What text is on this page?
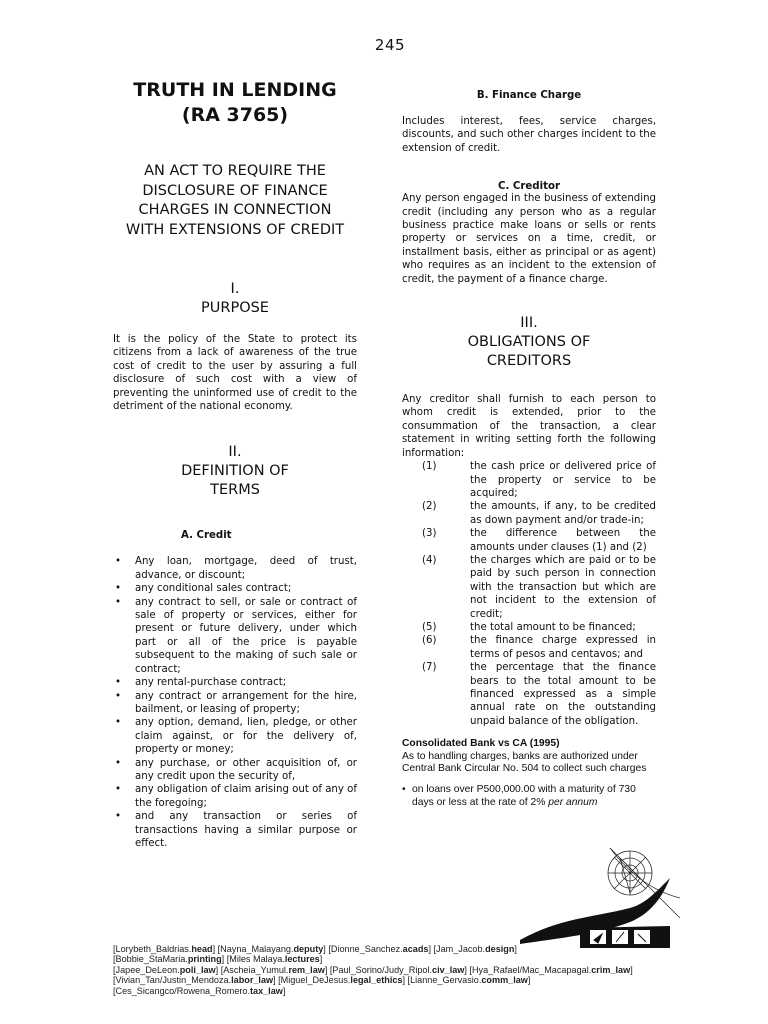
245

TRUTH IN LENDING
(RA 3765)

AN ACT TO REQUIRE THE DISCLOSURE OF FINANCE CHARGES IN CONNECTION WITH EXTENSIONS OF CREDIT

I.

PURPOSE

It is the policy of the State to protect its citizens from a lack of awareness of the true cost of credit to the user by assuring a full disclosure of such cost with a view of preventing the uninformed use of credit to the detriment of the national economy.

II.

DEFINITION OF
TERMS

A. Credit

• Any loan, mortgage, deed of trust, advance, or discount;
• any conditional sales contract;
• any contract to sell, or sale or contract of sale of property or services, either for present or future delivery, under which part or all of the price is payable subsequent to the making of such sale or contract;
• any rental-purchase contract;
• any contract or arrangement for the hire, bailment, or leasing of property;
• any option, demand, lien, pledge, or other claim against, or for the delivery of, property or money;
• any purchase, or other acquisition of, or any credit upon the security of,
• any obligation of claim arising out of any of the foregoing;
• and any transaction or series of transactions having a similar purpose or effect.

B. Finance Charge

Includes interest, fees, service charges, discounts, and such other charges incident to the extension of credit.

C. Creditor

Any person engaged in the business of extending credit (including any person who as a regular business practice make loans or sells or rents property or services on a time, credit, or installment basis, either as principal or as agent) who requires as an incident to the extension of credit, the payment of a finance charge.

III.

OBLIGATIONS OF
CREDITORS

Any creditor shall furnish to each person to whom credit is extended, prior to the consummation of the transaction, a clear statement in writing setting forth the following information:

(1)	the cash price or delivered price of the property or service to be acquired;
(2)	the amounts, if any, to be credited as down payment and/or trade-in;
(3)	the difference between the amounts under clauses (1) and (2)
(4)	the charges which are paid or to be paid by such person in connection with the transaction but which are not incident to the extension of credit;
(5)	the total amount to be financed;
(6)	the finance charge expressed in terms of pesos and centavos; and
(7)	the percentage that the finance bears to the total amount to be financed expressed as a simple annual rate on the outstanding unpaid balance of the obligation.
Consolidated Bank vs CA (1995)
As to handling charges, banks are authorized under Central Bank Circular No. 504 to collect such charges
• on loans over P500,000.00 with a maturity of 730 days or less at the rate of 2% per annum
[Lorybeth_Baldrias.head] [Nayna_Malayang.deputy] [Dionne_Sanchez.acads] [Jam_Jacob.design]
[Bobbie_StaMaria.printing] [Miles Malaya.lectures]
[Japee_DeLeon.poli_law] [Ascheia_Yumul.rem_law] [Paul_Sorino/Judy_Ripol.civ_law] [Hya_Rafael/Mac_Macapagal.crim_law]
[Vivian_Tan/Justin_Mendoza.labor_law] [Miguel_DeJesus.legal_ethics] [Lianne_Gervasio.comm_law]
[Ces_Sicangco/Rowena_Romero.tax_law]
